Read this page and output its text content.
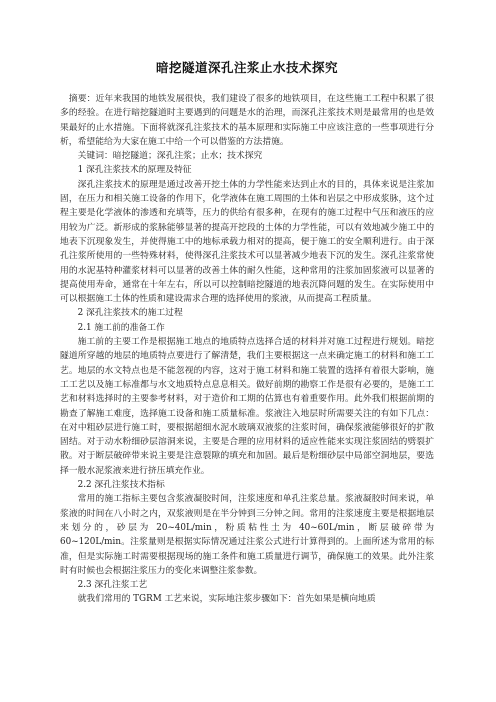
暗挖隧道深孔注浆止水技术探究

摘要：近年来我国的地铁发展很快，我们建设了很多的地铁项目，在这些施工工程中积累了很多的经验。在进行暗挖隧道时主要遇到的问题是水的治理，而深孔注浆技术则是最常用的也是效果最好的止水措施。下面将就深孔注浆技术的基本原理和实际施工中应该注意的一些事项进行分析，希望能给为大家在施工中给一个可以借鉴的方法措施。

关键词：暗挖隧道；深孔注浆；止水；技术探究

1 深孔注浆技术的原理及特征

深孔注浆技术的原理是通过改善开挖土体的力学性能来达到止水的目的，具体来说是注浆加固，在压力和相关施工设备的作用下，化学液体在施工周围的土体和岩层之中形成浆脉，这个过程主要是化学液体的渗透和充填等，压力的供给有很多种，在现有的施工过程中气压和液压的应用较为广泛。新形成的浆脉能够显著的提高开挖段的土体的力学性能，可以有效地减少施工中的地表下沉现象发生，并使得施工中的地标承载力相对的提高，便于施工的安全顺利进行。由于深孔注浆所使用的一些特殊材料，使得深孔注浆技术可以显著减少地表下沉的发生。深孔注浆常使用的水泥基特种灌浆材料可以显著的改善土体的耐久性能，这种常用的注浆加固浆液可以显著的提高使用寿命，通常在十年左右，所以可以控制暗挖隧道的地表沉降问题的发生。在实际使用中可以根据施工土体的性质和建设需求合理的选择使用的浆液，从而提高工程质量。

2 深孔注浆技术的施工过程

2.1 施工前的准备工作

施工前的主要工作是根据施工地点的地质特点选择合适的材料并对施工过程进行规划。暗挖隧道所穿越的地层的地质特点要进行了解清楚，我们主要根据这一点来确定施工的材料和施工工艺。地层的水文特点也是不能忽视的内容，这对于施工材料和施工装置的选择有着很大影响，施工工艺以及施工标准都与水文地质特点息息相关。做好前期的勘察工作是很有必要的，是施工工艺和材料选择时的主要参考材料，对于造价和工期的估算也有着重要作用。此外我们根据前期的勘查了解施工难度，选择施工设备和施工质量标准。浆液注入地层时所需要关注的有如下几点：在对中粗砂层进行施工时，要根据超细水泥水玻璃双液浆的注浆时间，确保浆液能够很好的扩散固结。对于动水粉细砂层溶洞来说，主要是合理的应用材料的适应性能来实现注浆固结的劈裂扩散。对于断层破碎带来说主要是注意裂隙的填充和加固。最后是粉细砂层中局部空洞地层，要选择一般水泥浆液来进行挤压填充作业。

2.2 深孔注浆技术指标

常用的施工指标主要包含浆液凝胶时间，注浆速度和单孔注浆总量。浆液凝胶时间来说，单浆液的时间在八小时之内，双浆液则是在半分钟到三分钟之间。常用的注浆速度主要是根据地层来划分的，砂层为 20~40L/min，粉质粘性土为 40~60L/min，断层破碎带为 60~120L/min。注浆量则是根据实际情况通过注浆公式进行计算得到的。上面所述为常用的标准，但是实际施工时需要根据现场的施工条件和施工质量进行调节，确保施工的效果。此外注浆时有时候也会根据注浆压力的变化来调整注浆参数。

2.3 深孔注浆工艺

就我们常用的 TGRM 工艺来说，实际地注浆步骤如下：首先如果是横向地质
